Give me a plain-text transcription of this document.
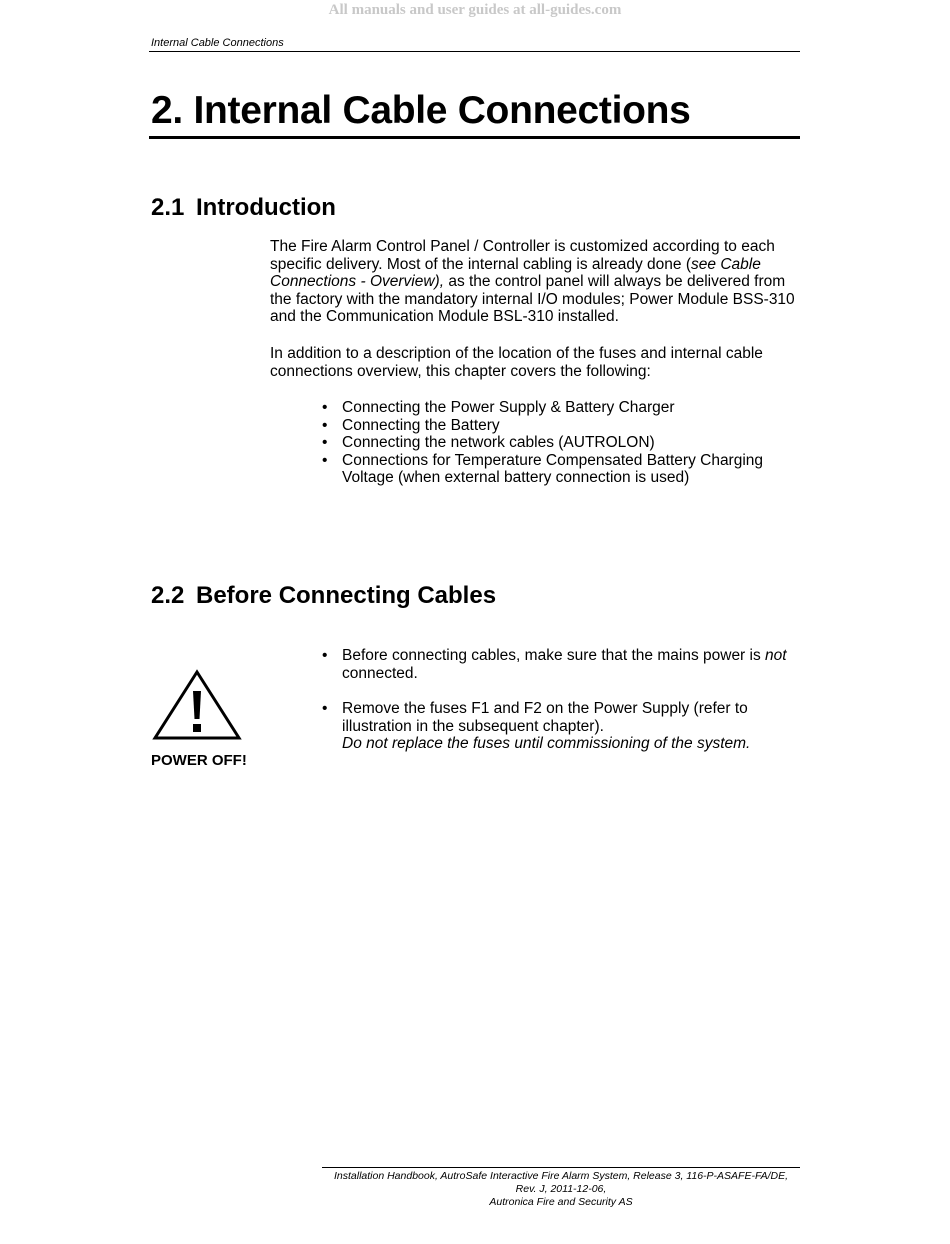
All manuals and user guides at all-guides.com
Internal Cable Connections
2. Internal Cable Connections
2.1 Introduction

The Fire Alarm Control Panel / Controller is customized according to each specific delivery. Most of the internal cabling is already done (see Cable Connections - Overview), as the control panel will always be delivered from the factory with the mandatory internal I/O modules; Power Module BSS-310 and the Communication Module BSL-310 installed.

In addition to a description of the location of the fuses and internal cable connections overview, this chapter covers the following:

• Connecting the Power Supply & Battery Charger
• Connecting the Battery
• Connecting the network cables (AUTROLON)
• Connections for Temperature Compensated Battery Charging Voltage (when external battery connection is used)
2.2 Before Connecting Cables
POWER OFF!
• Before connecting cables, make sure that the mains power is not connected.
• Remove the fuses F1 and F2 on the Power Supply (refer to illustration in the subsequent chapter).
Do not replace the fuses until commissioning of the system.
Installation Handbook, AutroSafe Interactive Fire Alarm System, Release 3, 116-P-ASAFE-FA/DE,
Rev. J, 2011-12-06,
Autronica Fire and Security AS
